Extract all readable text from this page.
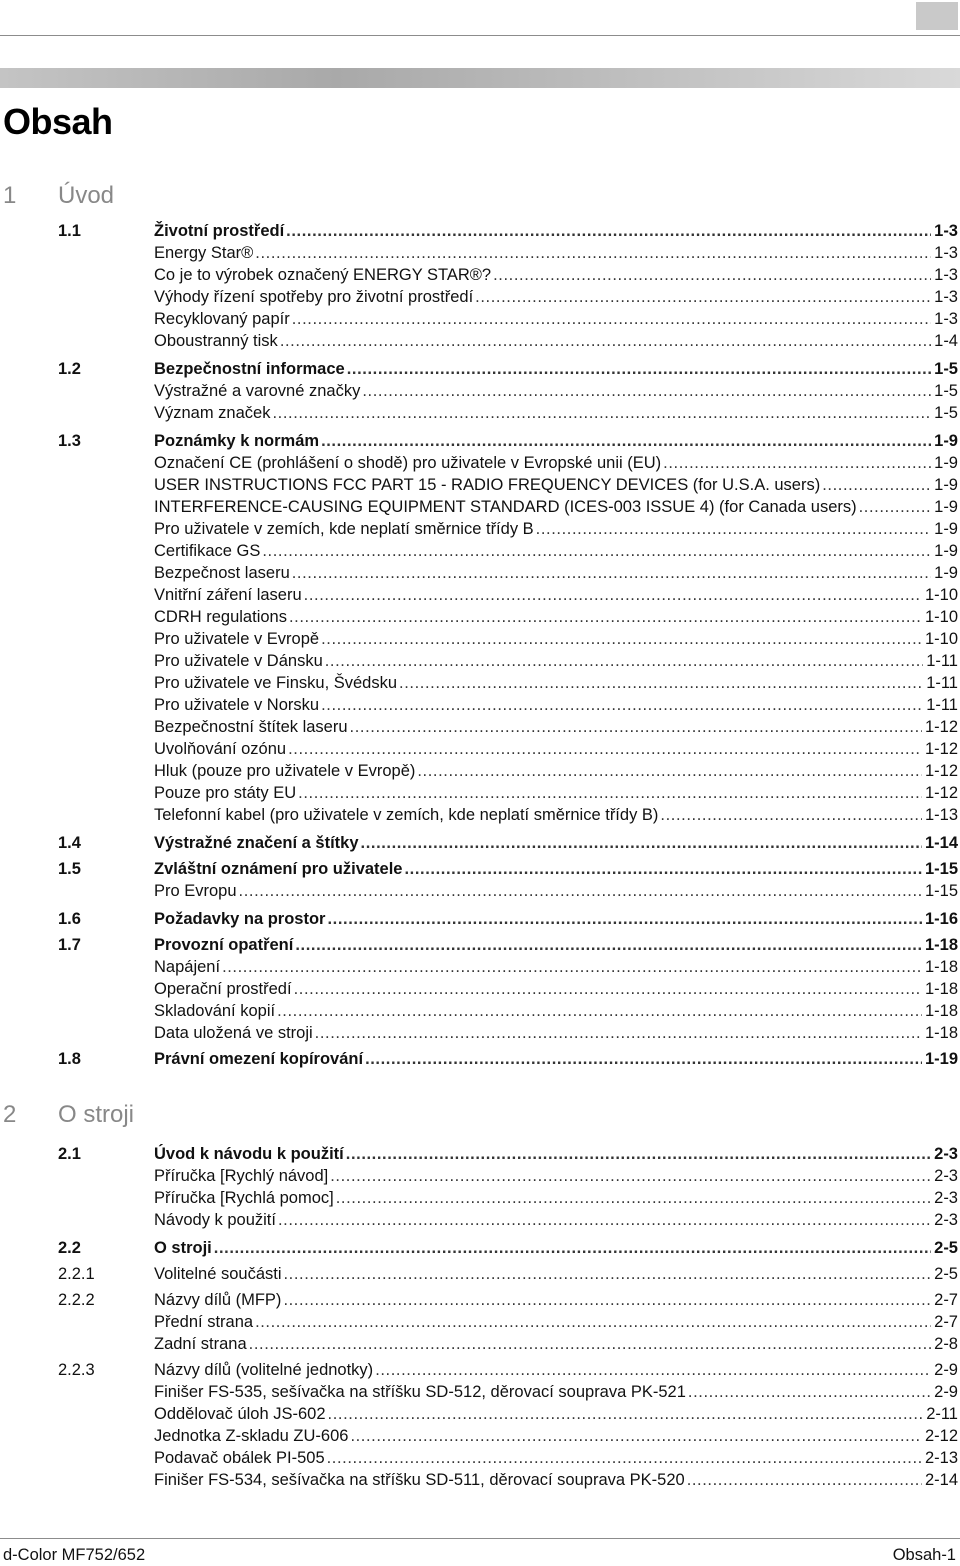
Obsah
1	Úvod
1.1	Životní prostředí .....	1-3
Energy Star® .....	1-3
Co je to výrobek označený ENERGY STAR®? .....	1-3
Výhody řízení spotřeby pro životní prostředí .....	1-3
Recyklovaný papír .....	1-3
Oboustranný tisk .....	1-4
1.2	Bezpečnostní informace .....	1-5
Výstražné a varovné značky .....	1-5
Význam značek .....	1-5
1.3	Poznámky k normám .....	1-9
Označení CE (prohlášení o shodě) pro uživatele v Evropské unii (EU) .....	1-9
USER INSTRUCTIONS FCC PART 15 - RADIO FREQUENCY DEVICES (for U.S.A. users) .....	1-9
INTERFERENCE-CAUSING EQUIPMENT STANDARD (ICES-003 ISSUE 4) (for Canada users) .....	1-9
Pro uživatele v zemích, kde neplatí směrnice třídy B .....	1-9
Certifikace GS .....	1-9
Bezpečnost laseru .....	1-9
Vnitřní záření laseru .....	1-10
CDRH regulations .....	1-10
Pro uživatele v Evropě .....	1-10
Pro uživatele v Dánsku .....	1-11
Pro uživatele ve Finsku, Švédsku .....	1-11
Pro uživatele v Norsku .....	1-11
Bezpečnostní štítek laseru .....	1-12
Uvolňování ozónu .....	1-12
Hluk (pouze pro uživatele v Evropě) .....	1-12
Pouze pro státy EU .....	1-12
Telefonní kabel (pro uživatele v zemích, kde neplatí směrnice třídy B) .....	1-13
1.4	Výstražné značení a štítky .....	1-14
1.5	Zvláštní oznámení pro uživatele .....	1-15
Pro Evropu .....	1-15
1.6	Požadavky na prostor .....	1-16
1.7	Provozní opatření .....	1-18
Napájení .....	1-18
Operační prostředí .....	1-18
Skladování kopií .....	1-18
Data uložená ve stroji .....	1-18
1.8	Právní omezení kopírování .....	1-19
2	O stroji
2.1	Úvod k návodu k použití .....	2-3
Příručka [Rychlý návod] .....	2-3
Příručka [Rychlá pomoc] .....	2-3
Návody k použití .....	2-3
2.2	O stroji .....	2-5
2.2.1	Volitelné součásti .....	2-5
2.2.2	Názvy dílů (MFP) .....	2-7
Přední strana .....	2-7
Zadní strana .....	2-8
2.2.3	Názvy dílů (volitelné jednotky) .....	2-9
Finišer FS-535, sešívačka na stříšku SD-512, děrovací souprava PK-521 .....	2-9
Oddělovač úloh JS-602 .....	2-11
Jednotka Z-skladu ZU-606 .....	2-12
Podavač obálek PI-505 .....	2-13
Finišer FS-534, sešívačka na stříšku SD-511, děrovací souprava PK-520 .....	2-14
d-Color MF752/652	Obsah-1
